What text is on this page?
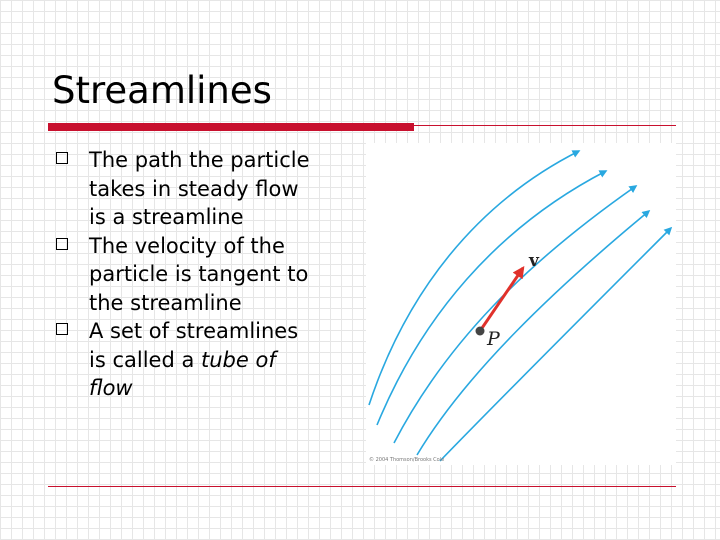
Streamlines
The path the particle
takes in steady flow
is a streamline
The velocity of the
particle is tangent to
the streamline
A set of streamlines
is called a tube of
flow
v
P
© 2004 Thomson/Brooks Cole
